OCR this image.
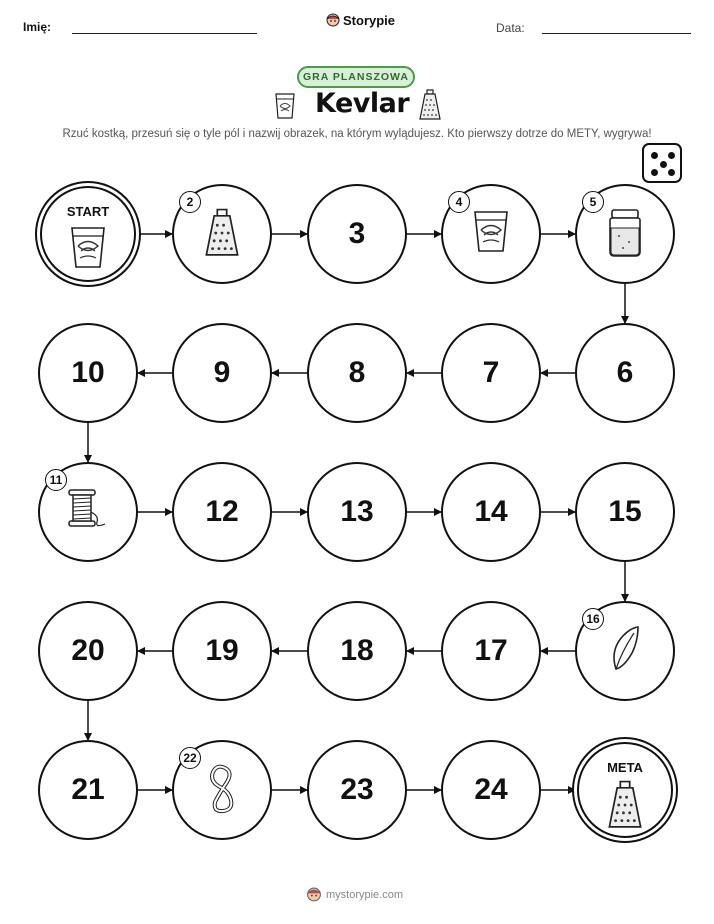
Imię:	Storypie	Data:
GRA PLANSZOWA
Kevlar
Rzuć kostką, przesuń się o tyle pól i nazwij obrazek, na którym wylądujesz. Kto pierwszy dotrze do METY, wygrywa!
START
2
3
4	5
6
7
8
9
10
11
12	13	14	15
16
17
18
19
20
21
22
23	24
META
mystorypie.com
